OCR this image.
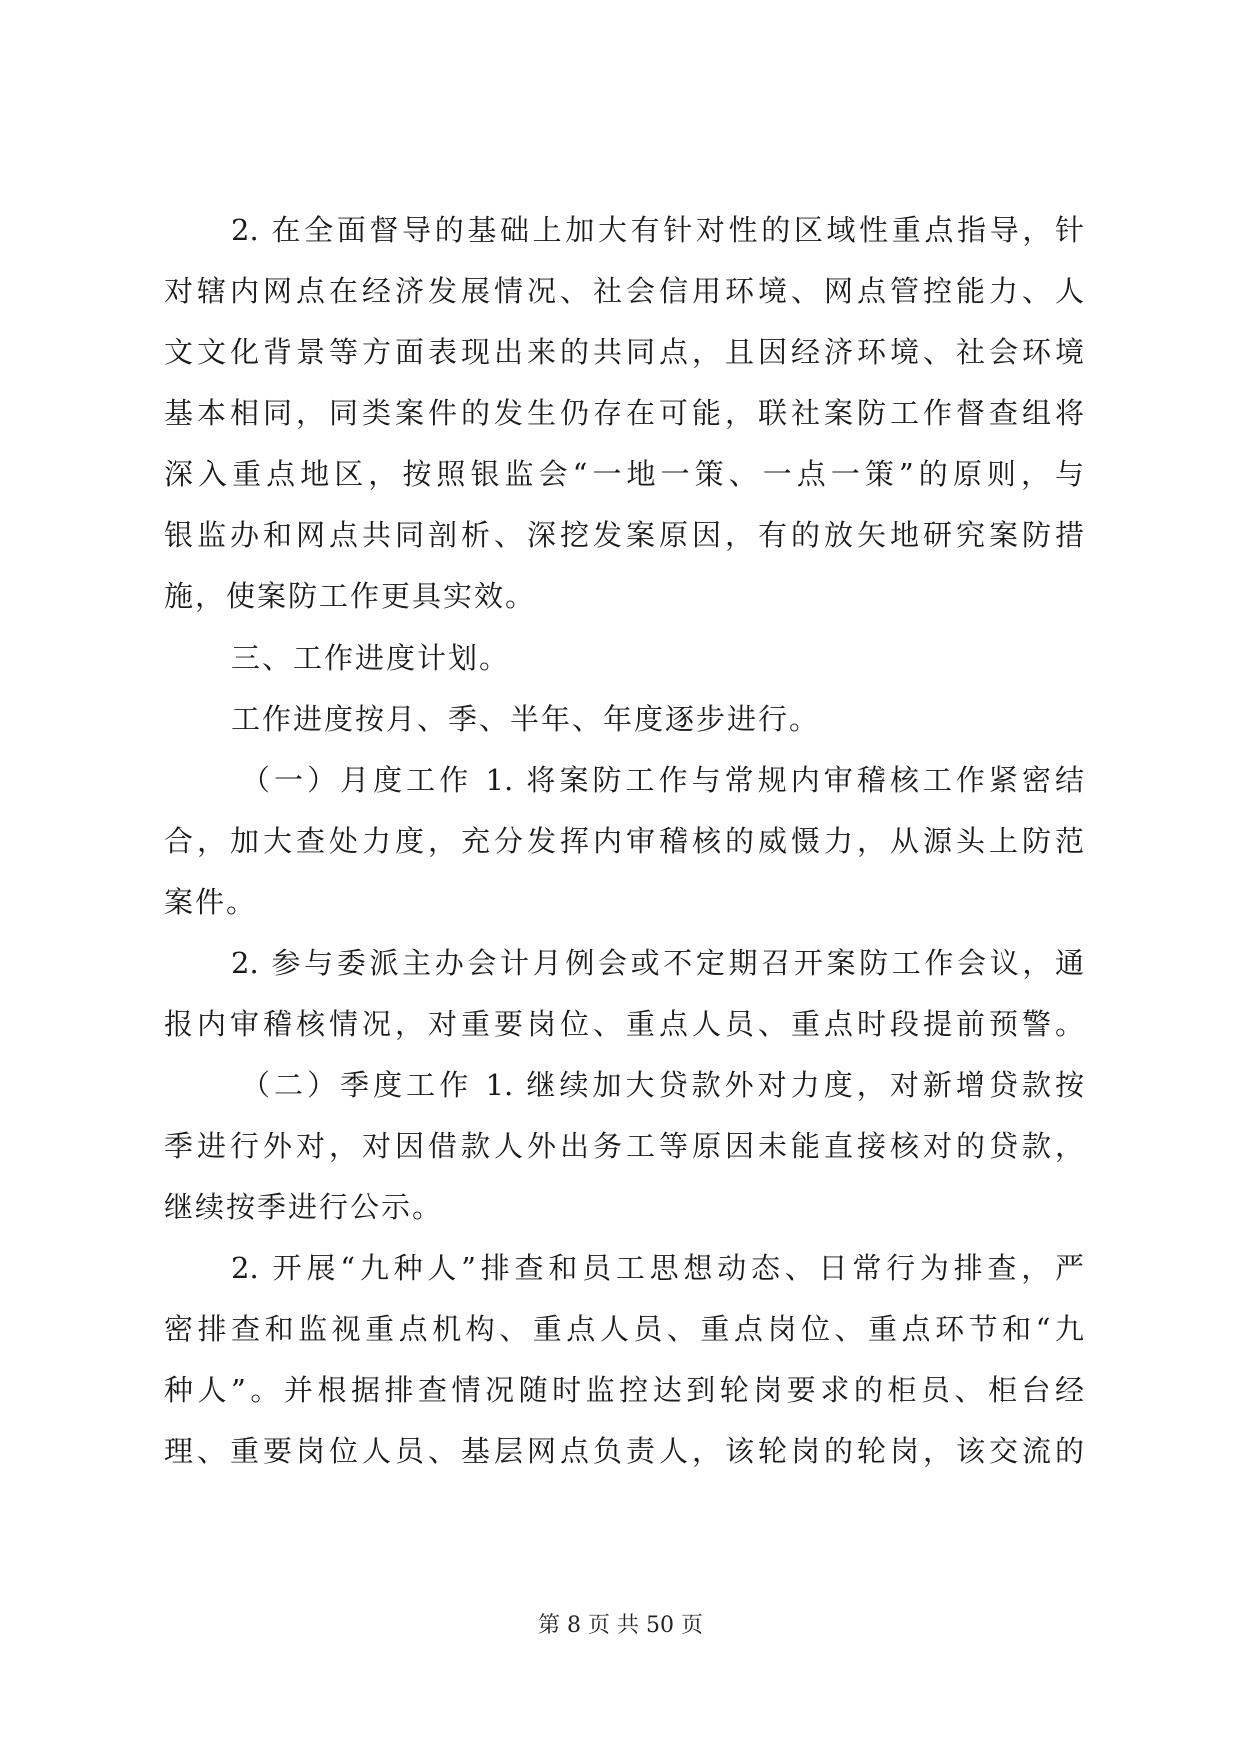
2. 在全面督导的基础上加大有针对性的区域性重点指导，针
对辖内网点在经济发展情况、社会信用环境、网点管控能力、人
文文化背景等方面表现出来的共同点，且因经济环境、社会环境
基本相同，同类案件的发生仍存在可能，联社案防工作督查组将
深入重点地区，按照银监会“一地一策、一点一策”的原则，与
银监办和网点共同剖析、深挖发案原因，有的放矢地研究案防措
施，使案防工作更具实效。
三、工作进度计划。
工作进度按月、季、半年、年度逐步进行。
（一）月度工作 1. 将案防工作与常规内审稽核工作紧密结
合，加大查处力度，充分发挥内审稽核的威慑力，从源头上防范
案件。
2. 参与委派主办会计月例会或不定期召开案防工作会议，通
报内审稽核情况，对重要岗位、重点人员、重点时段提前预警。
（二）季度工作 1. 继续加大贷款外对力度，对新增贷款按
季进行外对，对因借款人外出务工等原因未能直接核对的贷款，
继续按季进行公示。
2. 开展“九种人”排查和员工思想动态、日常行为排查，严
密排查和监视重点机构、重点人员、重点岗位、重点环节和“九
种人”。并根据排查情况随时监控达到轮岗要求的柜员、柜台经
理、重要岗位人员、基层网点负责人，该轮岗的轮岗，该交流的
第 8 页 共 50 页
